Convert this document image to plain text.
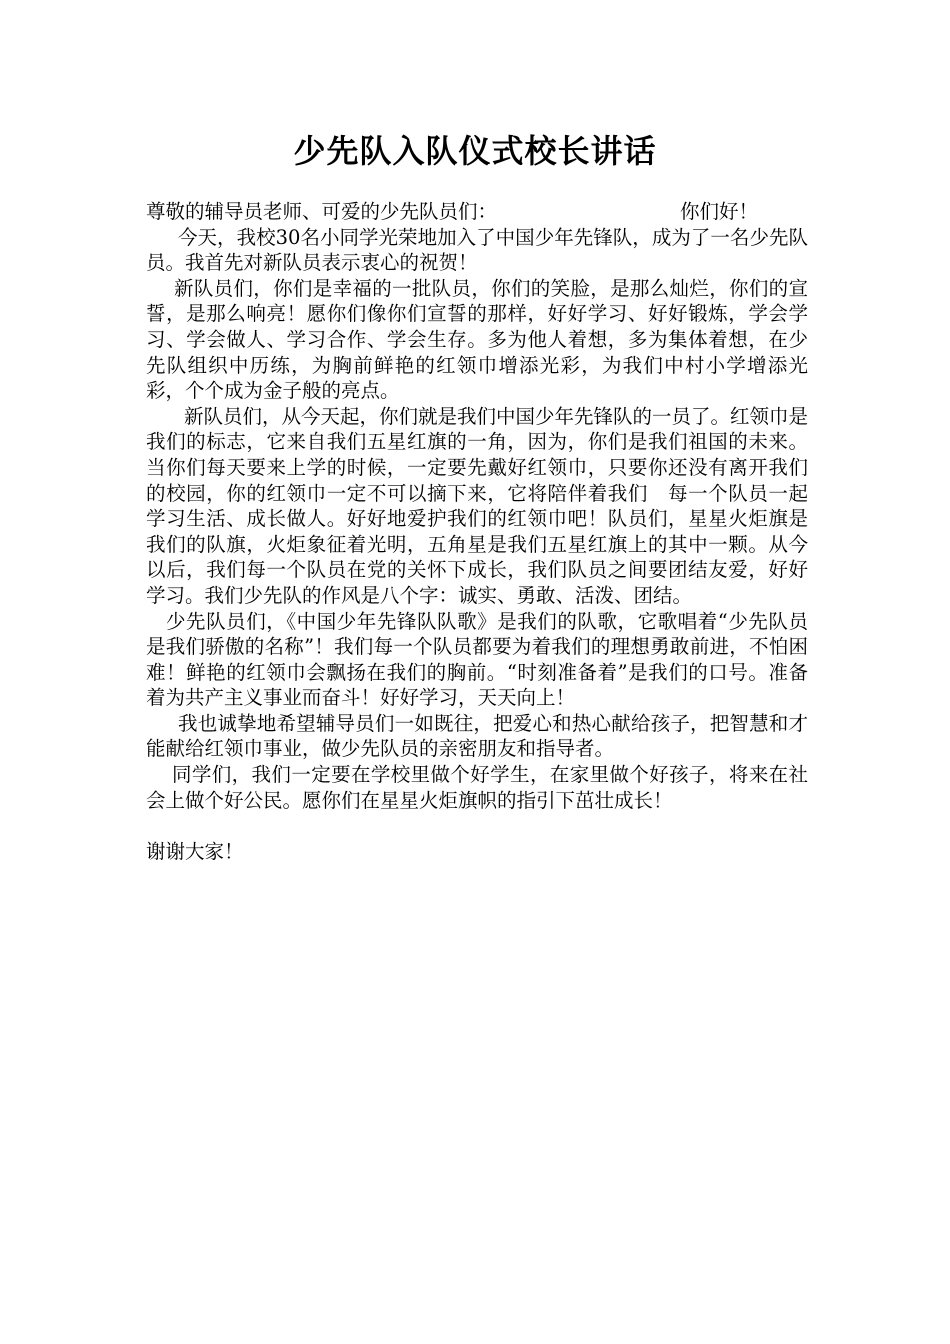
少先队入队仪式校长讲话

尊敬的辅导员老师、可爱的少先队员们：	你们好！

今天，我校30名小同学光荣地加入了中国少年先锋队，成为了一名少先队员。我首先对新队员表示衷心的祝贺！

新队员们，你们是幸福的一批队员，你们的笑脸，是那么灿烂，你们的宣誓，是那么响亮！愿你们像你们宣誓的那样，好好学习、好好锻炼，学会学习、学会做人、学习合作、学会生存。多为他人着想，多为集体着想，在少先队组织中历练，为胸前鲜艳的红领巾增添光彩，为我们中村小学增添光彩，个个成为金子般的亮点。

新队员们，从今天起，你们就是我们中国少年先锋队的一员了。红领巾是我们的标志，它来自我们五星红旗的一角，因为，你们是我们祖国的未来。当你们每天要来上学的时候，一定要先戴好红领巾，只要你还没有离开我们的校园，你的红领巾一定不可以摘下来，它将陪伴着我们　每一个队员一起学习生活、成长做人。好好地爱护我们的红领巾吧！队员们，星星火炬旗是我们的队旗，火炬象征着光明，五角星是我们五星红旗上的其中一颗。从今以后，我们每一个队员在党的关怀下成长，我们队员之间要团结友爱，好好学习。我们少先队的作风是八个字：诚实、勇敢、活泼、团结。

少先队员们，《中国少年先锋队队歌》是我们的队歌，它歌唱着“少先队员是我们骄傲的名称”！我们每一个队员都要为着我们的理想勇敢前进，不怕困难！鲜艳的红领巾会飘扬在我们的胸前。“时刻准备着”是我们的口号。准备着为共产主义事业而奋斗！好好学习，天天向上！

我也诚挚地希望辅导员们一如既往，把爱心和热心献给孩子，把智慧和才能献给红领巾事业，做少先队员的亲密朋友和指导者。

同学们，我们一定要在学校里做个好学生，在家里做个好孩子，将来在社会上做个好公民。愿你们在星星火炬旗帜的指引下茁壮成长！

谢谢大家！
